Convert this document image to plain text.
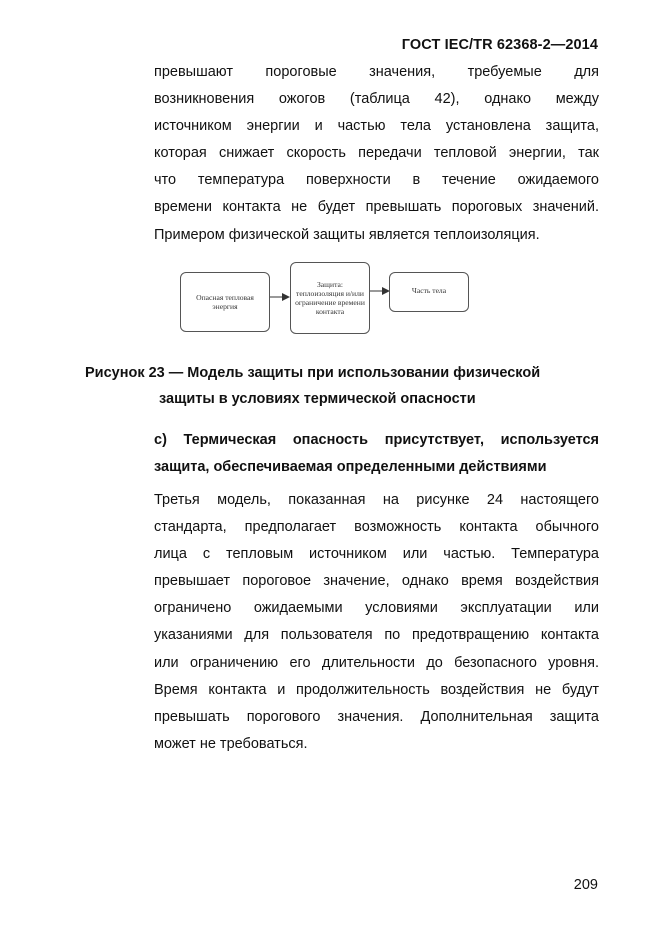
ГОСТ IEC/TR 62368-2—2014
превышают пороговые значения, требуемые для
возникновения ожогов (таблица 42), однако между
источником энергии и частью тела установлена защита,
которая снижает скорость передачи тепловой энергии, так
что температура поверхности в течение ожидаемого
времени контакта не будет превышать пороговых значений.
Примером физической защиты является теплоизоляция.
Опасная тепловая энергия
Защита: теплоизоляция и/или ограничение времени контакта
Часть тела
Рисунок 23 — Модель защиты при использовании физической
защиты в условиях термической опасности
с) Термическая опасность присутствует, используется
защита, обеспечиваемая определенными действиями
Третья модель, показанная на рисунке 24 настоящего
стандарта, предполагает возможность контакта обычного
лица с тепловым источником или частью. Температура
превышает пороговое значение, однако время воздействия
ограничено ожидаемыми условиями эксплуатации или
указаниями для пользователя по предотвращению контакта
или ограничению его длительности до безопасного уровня.
Время контакта и продолжительность воздействия не будут
превышать порогового значения. Дополнительная защита
может не требоваться.
209
